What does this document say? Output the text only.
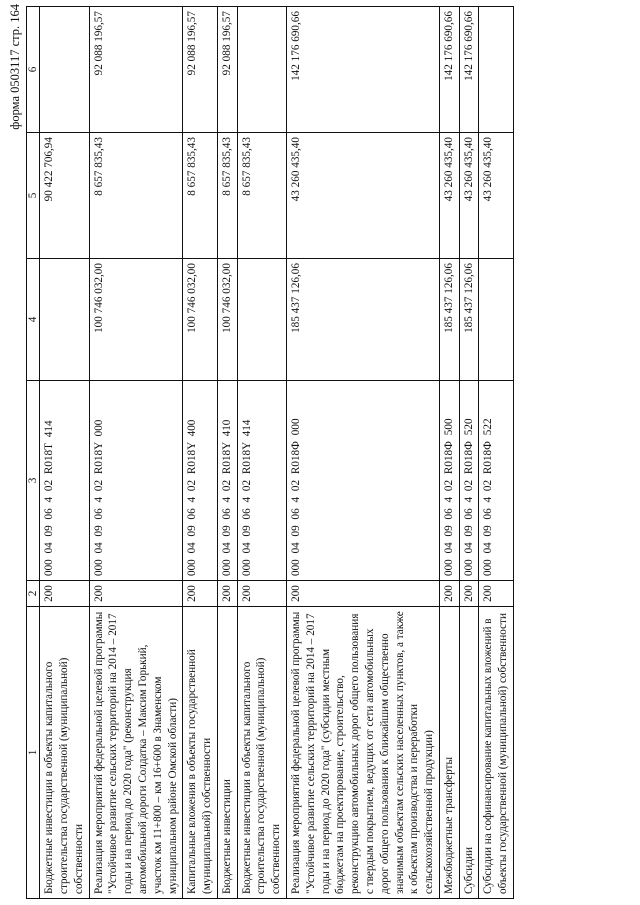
форма 0503117 стр. 164
1	2	3	4	5	6
Бюджетные инвестиции в объекты капитального строительства государственной (муниципальной) собственности	200	000 04 09 06 4 02 R018Т 414		90 422 706,94	
Реализация мероприятий федеральной целевой программы "Устойчивое развитие сельских территорий на 2014 – 2017 годы и на период до 2020 года" (реконструкция автомобильной дороги Солдатка – Максим Горький, участок км 11+800 – км 16+600 в Знаменском муниципальном районе Омской области)	200	000 04 09 06 4 02 R018Y 000	100 746 032,00	8 657 835,43	92 088 196,57
Капитальные вложения в объекты государственной (муниципальной) собственности	200	000 04 09 06 4 02 R018Y 400	100 746 032,00	8 657 835,43	92 088 196,57
Бюджетные инвестиции	200	000 04 09 06 4 02 R018Y 410	100 746 032,00	8 657 835,43	92 088 196,57
Бюджетные инвестиции в объекты капитального строительства государственной (муниципальной) собственности	200	000 04 09 06 4 02 R018Y 414		8 657 835,43	
Реализация мероприятий федеральной целевой программы "Устойчивое развитие сельских территорий на 2014 – 2017 годы и на период до 2020 года" (субсидии местным бюджетам на проектирование, строительство, реконструкцию автомобильных дорог общего пользования с твердым покрытием, ведущих от сети автомобильных дорог общего пользования к ближайшим общественно значимым объектам сельских населенных пунктов, а также к объектам производства и переработки сельскохозяйственной продукции)	200	000 04 09 06 4 02 R018Ф 000	185 437 126,06	43 260 435,40	142 176 690,66
Межбюджетные трансферты	200	000 04 09 06 4 02 R018Ф 500	185 437 126,06	43 260 435,40	142 176 690,66
Субсидии	200	000 04 09 06 4 02 R018Ф 520	185 437 126,06	43 260 435,40	142 176 690,66
Субсидии на софинансирование капитальных вложений в объекты государственной (муниципальной) собственности	200	000 04 09 06 4 02 R018Ф 522		43 260 435,40	
